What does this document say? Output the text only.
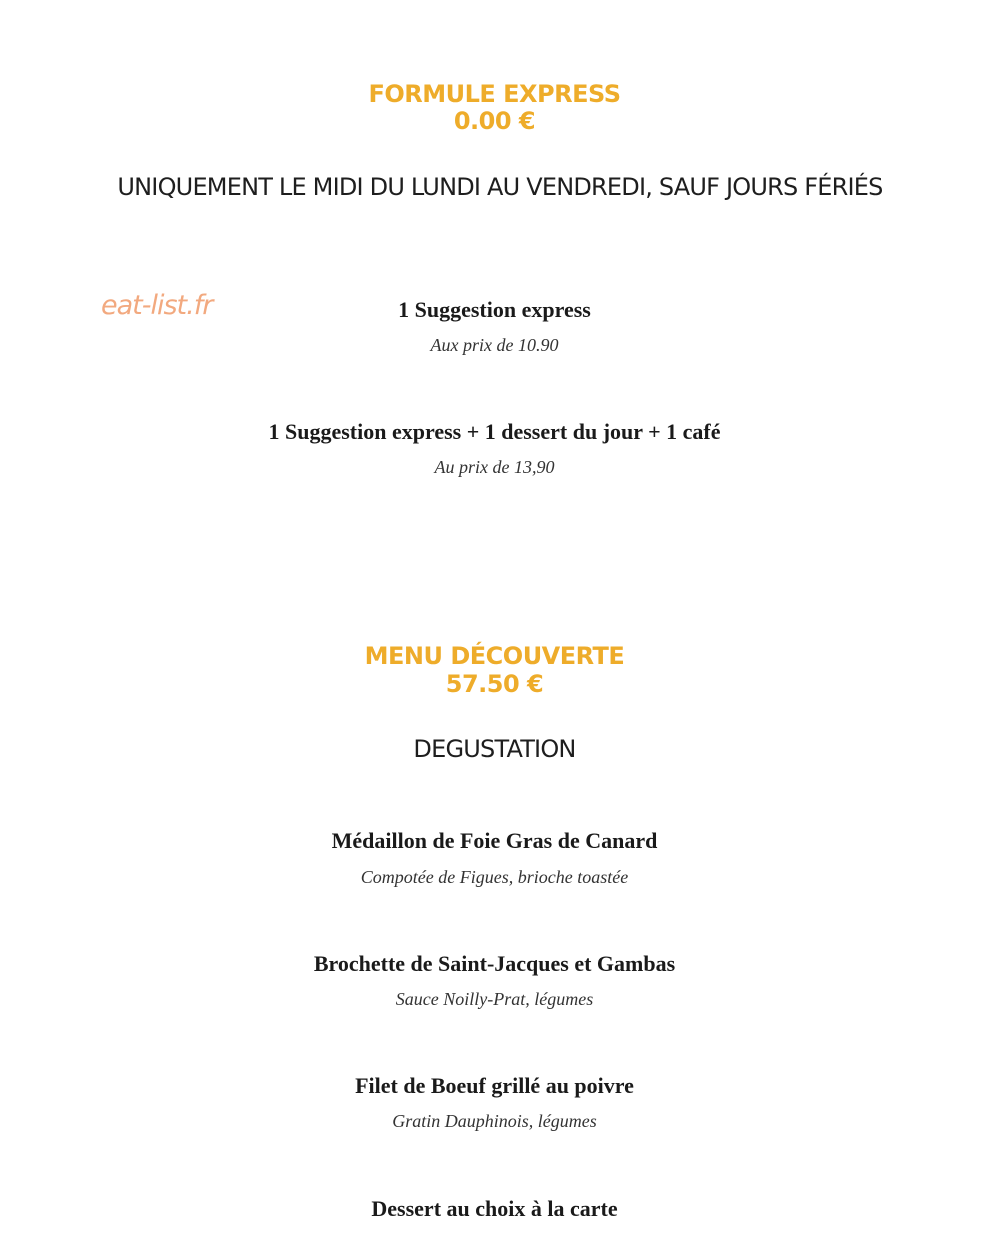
eat-list.fr
FORMULE EXPRESS
0.00 €
UNIQUEMENT LE MIDI DU LUNDI AU VENDREDI, SAUF JOURS FÉRIÉS
1 Suggestion express
Aux prix de 10.90
1 Suggestion express + 1 dessert du jour + 1 café
Au prix de 13,90
MENU DÉCOUVERTE
57.50 €
DEGUSTATION
Médaillon de Foie Gras de Canard
Compotée de Figues, brioche toastée
Brochette de Saint-Jacques et Gambas
Sauce Noilly-Prat, légumes
Filet de Boeuf grillé au poivre
Gratin Dauphinois, légumes
Dessert au choix à la carte
